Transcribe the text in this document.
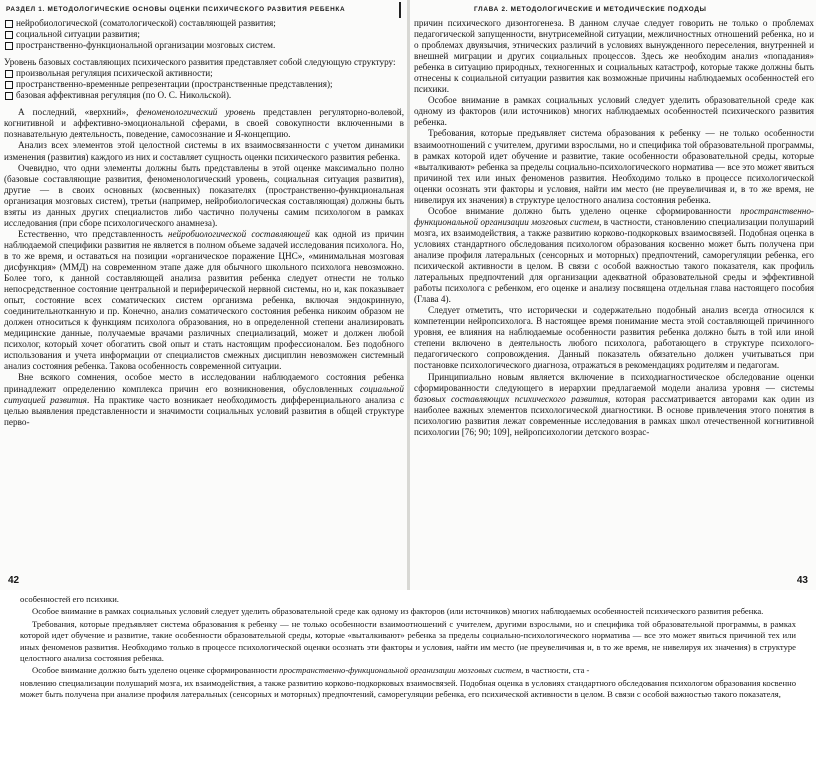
РАЗДЕЛ 1. МЕТОДОЛОГИЧЕСКИЕ ОСНОВЫ ОЦЕНКИ ПСИХИЧЕСКОГО РАЗВИТИЯ РЕБЕНКА
нейробиологической (соматологической) составляющей развития;
социальной ситуации развития;
пространственно-функциональной организации мозговых систем.

Уровень базовых составляющих психического развития представляет собой следующую структуру:

произвольная регуляция психической активности;
пространственно-временные репрезентации (пространственные представления);
базовая аффективная регуляция (по О. С. Никольской).

А последний, «верхний», феноменологический уровень представлен регуляторно-волевой, когнитивной и аффективно-эмоциональной сферами, в своей совокупности включенными в познавательную деятельность, поведение, самосознание и Я-концепцию.

Анализ всех элементов этой целостной системы в их взаимосвязанности с учетом динамики изменения (развития) каждого из них и составляет сущность оценки психического развития ребенка.

Очевидно, что одни элементы должны быть представлены в этой оценке максимально полно (базовые составляющие развития, феноменологический уровень, социальная ситуация развития), другие — в своих основных (косвенных) показателях (пространственно-функциональная организация мозговых систем), третьи (например, нейробиологическая составляющая) должны быть взяты из данных других специалистов либо частично получены самим психологом в рамках исследования (при сборе психологического анамнеза).

Естественно, что представленность нейробиологической составляющей как одной из причин наблюдаемой специфики развития не является в полном объеме задачей исследования психолога. Но, в то же время, и оставаться на позиции «органическое поражение ЦНС», «минимальная мозговая дисфункция» (ММД) на современном этапе даже для обычного школьного психолога невозможно. Более того, к данной составляющей анализа развития ребенка следует отнести не только непосредственное состояние центральной и периферической нервной системы, но и, как показывает опыт, состояние всех соматических систем организма ребенка, включая эндокринную, соединительнотканную и пр. Конечно, анализ соматического состояния ребенка никоим образом не должен относиться к функциям психолога образования, но в определенной степени анализировать медицинские данные, получаемые врачами различных специализаций, может и должен любой психолог, который хочет обогатить свой опыт и стать настоящим профессионалом. Без подобного использования и учета информации от специалистов смежных дисциплин невозможен системный анализ состояния ребенка. Такова особенность современной ситуации.

Вне всякого сомнения, особое место в исследовании наблюдаемого состояния ребенка принадлежит определению комплекса причин его возникновения, обусловленных социальной ситуацией развития. На практике часто возникает необходимость дифференциального анализа с целью выявления представленности и значимости социальных условий развития в общей структуре перво-

42
ГЛАВА 2. МЕТОДОЛОГИЧЕСКИЕ И МЕТОДИЧЕСКИЕ ПОДХОДЫ

причин психического дизонтогенеза. В данном случае следует говорить не только о проблемах педагогической запущенности, внутрисемейной ситуации, межличностных отношений ребенка, но и о проблемах двуязычия, этнических различий в условиях вынужденного переселения, внутренней и внешней миграции и других социальных процессов. Здесь же необходим анализ «попадания» ребенка в ситуацию природных, техногенных и социальных катастроф, которые также должны быть отнесены к социальной ситуации развития как возможные причины наблюдаемых особенностей его психики.

Особое внимание в рамках социальных условий следует уделить образовательной среде как одному из факторов (или источников) многих наблюдаемых особенностей психического развития ребенка.

Требования, которые предъявляет система образования к ребенку — не только особенности взаимоотношений с учителем, другими взрослыми, но и специфика той образовательной программы, в рамках которой идет обучение и развитие, такие особенности образовательной среды, которые «выталкивают» ребенка за пределы социально-психологического норматива — все это может явиться причиной тех или иных феноменов развития. Необходимо только в процессе психологической оценки осознать эти факторы и условия, найти им место (не преувеличивая и, в то же время, не нивелируя их значения) в структуре целостного анализа состояния ребенка.

Особое внимание должно быть уделено оценке сформированности пространственно-функциональной организации мозговых систем, в частности, становлению специализации полушарий мозга, их взаимодействия, а также развитию корково-подкорковых взаимосвязей. Подобная оценка в условиях стандартного обследования психологом образования косвенно может быть получена при анализе профиля латеральных (сенсорных и моторных) предпочтений, саморегуляции ребенка, его психической активности в целом. В связи с особой важностью такого показателя, как профиль латеральных предпочтений для организации адекватной образовательной среды и эффективной работы психолога с ребенком, его оценке и анализу посвящена отдельная глава настоящего пособия (Глава 4).

Следует отметить, что исторически и содержательно подобный анализ всегда относился к компетенции нейропсихолога. В настоящее время понимание места этой составляющей причинного уровня, ее влияния на наблюдаемые особенности развития ребенка должно быть в той или иной степени включено в деятельность любого психолога, работающего в структуре психолого-педагогического сопровождения. Данный показатель обязательно должен учитываться при постановке психологического диагноза, отражаться в рекомендациях родителям и педагогам.

Принципиально новым является включение в психодиагностическое обследование оценки сформированности следующего в иерархии предлагаемой модели анализа уровня — системы базовых составляющих психического развития, которая рассматривается авторами как один из наиболее важных элементов психологической диагностики. В основе привлечения этого понятия в психологию развития лежат современные исследования в рамках школ отечественной когнитивной психологии [76; 90; 109], нейропсихологии детского возрас-

43

особенностей его психики.

Особое внимание в рамках социальных условий следует уделить образовательной среде как одному из факторов (или источников) многих наблюдаемых особенностей психического развития ребенка.

Требования, которые предъявляет система образования к ребенку — не только особенности взаимоотношений с учителем, другими взрослыми, но и специфика той образовательной программы, в рамках которой идет обучение и развитие, такие особенности образовательной среды, которые «выталкивают» ребенка за пределы социально-психологического норматива — все это может явиться причиной тех или иных феноменов развития. Необходимо только в процессе психологической оценки осознать эти факторы и условия, найти им место (не преувеличивая и, в то же время, не нивелируя их значения) в структуре целостного анализа состояния ребенка.

Особое внимание должно быть уделено оценке сформированности пространственно-функциональной организации мозговых систем, в частности, ста -

новлению специализации полушарий мозга, их взаимодействия, а также развитию корково-подкорковых взаимосвязей. Подобная оценка в условиях стандартного обследования психологом образования косвенно может быть получена при анализе профиля латеральных (сенсорных и моторных) предпочтений, саморегуляции ребенка, его психической активности в целом. В связи с особой важностью такого показателя,
